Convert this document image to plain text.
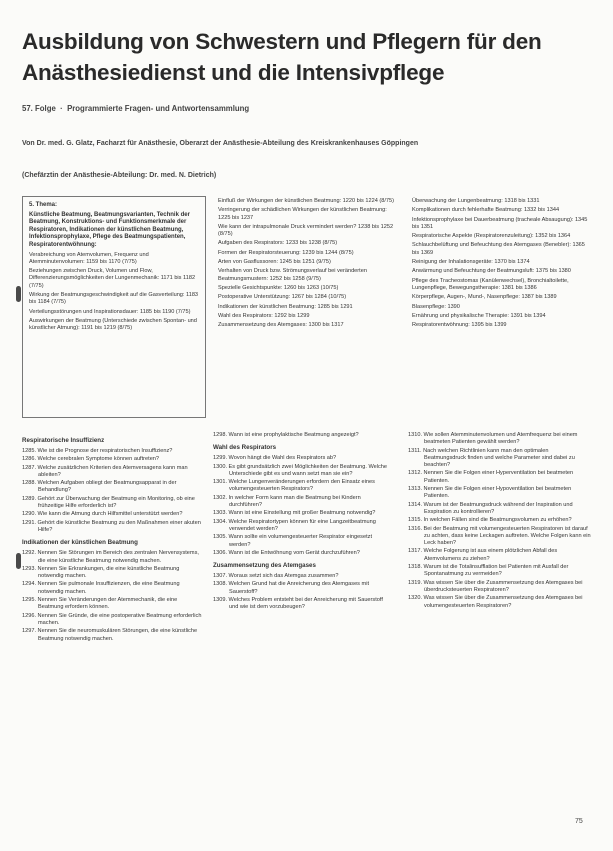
Ausbildung von Schwestern und Pflegern für den
Anästhesiedienst und die Intensivpflege
57. Folge  ·  Programmierte Fragen- und Antwortensammlung
Von Dr. med. G. Glatz, Facharzt für Anästhesie, Oberarzt der Anästhesie-Abteilung des Kreiskrankenhauses Göppingen
(Chefärztin der Anästhesie-Abteilung: Dr. med. N. Dietrich)

5. Thema:

Künstliche Beatmung, Beatmungsvarianten, Technik der Beatmung, Konstruktions- und Funktionsmerkmale der Respiratoren, Indikationen der künstlichen Beatmung, Infektionsprophylaxe, Pflege des Beatmungspatienten, Respiratorentwöhnung:

Verabreichung von Atemvolumen, Frequenz und Atemminutenvolumen: 1159 bis 1170 (7/75)

Beziehungen zwischen Druck, Volumen und Flow, Differenzierungsmöglichkeiten der Lungenmechanik: 1171 bis 1182 (7/75)

Wirkung der Beatmungsgeschwindigkeit auf die Gasverteilung: 1183 bis 1184 (7/75)

Verteilungsstörungen und Inspirationsdauer: 1185 bis 1190 (7/75)

Auswirkungen der Beatmung (Unterschiede zwischen Spontan- und künstlicher Atmung): 1191 bis 1219 (8/75)

Einfluß der Wirkungen der künstlichen Beatmung: 1220 bis 1224 (8/75)

Verringerung der schädlichen Wirkungen der künstlichen Beatmung: 1225 bis 1237

Wie kann der intrapulmonale Druck vermindert werden? 1238 bis 1252 (8/75)

Aufgaben des Respirators: 1233 bis 1238 (8/75)

Formen der Respiratorsteuerung: 1239 bis 1244 (8/75)

Arten von Gasflussoren: 1245 bis 1251 (9/75)

Verhalten von Druck bzw. Strömungsverlauf bei veränderten Beatmungsmustern: 1252 bis 1258 (9/75)

Spezielle Gesichtspunkte: 1260 bis 1263 (10/75)

Postoperative Unterstützung: 1267 bis 1284 (10/75)

Indikationen der künstlichen Beatmung: 1285 bis 1291

Wahl des Respirators: 1292 bis 1299

Zusammensetzung des Atemgases: 1300 bis 1317

Überwachung der Lungenbeatmung: 1318 bis 1331

Komplikationen durch fehlerhafte Beatmung: 1332 bis 1344

Infektionsprophylaxe bei Dauerbeatmung (tracheale Absaugung): 1345 bis 1351

Respiratorische Aspekte (Respiratorenzuleitung): 1352 bis 1364

Schlauchbelüftung und Befeuchtung des Atemgases (Benebler): 1365 bis 1369

Reinigung der Inhalationsgeräte: 1370 bis 1374

Anwärmung und Befeuchtung der Beatmungsluft: 1375 bis 1380

Pflege des Tracheostomas (Kanülenwechsel), Bronchialtoilette, Lungenpflege, Bewegungstherapie: 1381 bis 1386

Körperpflege, Augen-, Mund-, Nasenpflege: 1387 bis 1389

Blasenpflege: 1390

Ernährung und physikalische Therapie: 1391 bis 1394

Respiratorentwöhnung: 1395 bis 1399

Respiratorische Insuffizienz

1285. Wie ist die Prognose der respiratorischen Insuffizienz?

1286. Welche cerebralen Symptome können auftreten?

1287. Welche zusätzlichen Kriterien des Atemversagens kann man ableiten?

1288. Welchen Aufgaben obliegt der Beatmungsapparat in der Behandlung?

1289. Gehört zur Überwachung der Beatmung ein Monitoring, ob eine frühzeitige Hilfe erforderlich ist?

1290. Wie kann die Atmung durch Hilfsmittel unterstützt werden?

1291. Gehört die künstliche Beatmung zu den Maßnahmen einer akuten Hilfe?

Indikationen der künstlichen Beatmung

1292. Nennen Sie Störungen im Bereich des zentralen Nervensystems, die eine künstliche Beatmung notwendig machen.

1293. Nennen Sie Erkrankungen, die eine künstliche Beatmung notwendig machen.

1294. Nennen Sie pulmonale Insuffizienzen, die eine Beatmung notwendig machen.

1295. Nennen Sie Veränderungen der Atemmechanik, die eine Beatmung erfordern können.

1296. Nennen Sie Gründe, die eine postoperative Beatmung erforderlich machen.

1297. Nennen Sie die neuromuskulären Störungen, die eine künstliche Beatmung notwendig machen.

1298. Wann ist eine prophylaktische Beatmung angezeigt?

Wahl des Respirators

1299. Wovon hängt die Wahl des Respirators ab?

1300. Es gibt grundsätzlich zwei Möglichkeiten der Beatmung. Welche Unterschiede gibt es und wann setzt man sie ein?

1301. Welche Lungenveränderungen erfordern den Einsatz eines volumengesteuerten Respirators?

1302. In welcher Form kann man die Beatmung bei Kindern durchführen?

1303. Wann ist eine Einstellung mit großer Beatmung notwendig?

1304. Welche Respiratortypen können für eine Langzeitbeatmung verwendet werden?

1305. Wann sollte ein volumengesteuerter Respirator eingesetzt werden?

1306. Wann ist die Entwöhnung vom Gerät durchzuführen?

Zusammensetzung des Atemgases

1307. Woraus setzt sich das Atemgas zusammen?

1308. Welchen Grund hat die Anreicherung des Atemgases mit Sauerstoff?

1309. Welches Problem entsteht bei der Anreicherung mit Sauerstoff und wie ist dem vorzubeugen?

1310. Wie sollen Atemminutenvolumen und Atemfrequenz bei einem beatmeten Patienten gewählt werden?

1311. Nach welchen Richtlinien kann man den optimalen Beatmungsdruck finden und welche Parameter sind dabei zu beachten?

1312. Nennen Sie die Folgen einer Hyperventilation bei beatmeten Patienten.

1313. Nennen Sie die Folgen einer Hypoventilation bei beatmeten Patienten.

1314. Warum ist der Beatmungsdruck während der Inspiration und Exspiration zu kontrollieren?

1315. In welchen Fällen sind die Beatmungsvolumen zu erhöhen?

1316. Bei der Beatmung mit volumengesteuerten Respiratoren ist darauf zu achten, dass keine Leckagen auftreten. Welche Folgen kann ein Leck haben?

1317. Welche Folgerung ist aus einem plötzlichen Abfall des Atemvolumens zu ziehen?

1318. Warum ist die Totalinsufflation bei Patienten mit Ausfall der Spontanatmung zu vermeiden?

1319. Was wissen Sie über die Zusammensetzung des Atemgases bei überdrucksteuerten Respiratoren?

1320. Was wissen Sie über die Zusammensetzung des Atemgases bei volumengesteuerten Respiratoren?

75
